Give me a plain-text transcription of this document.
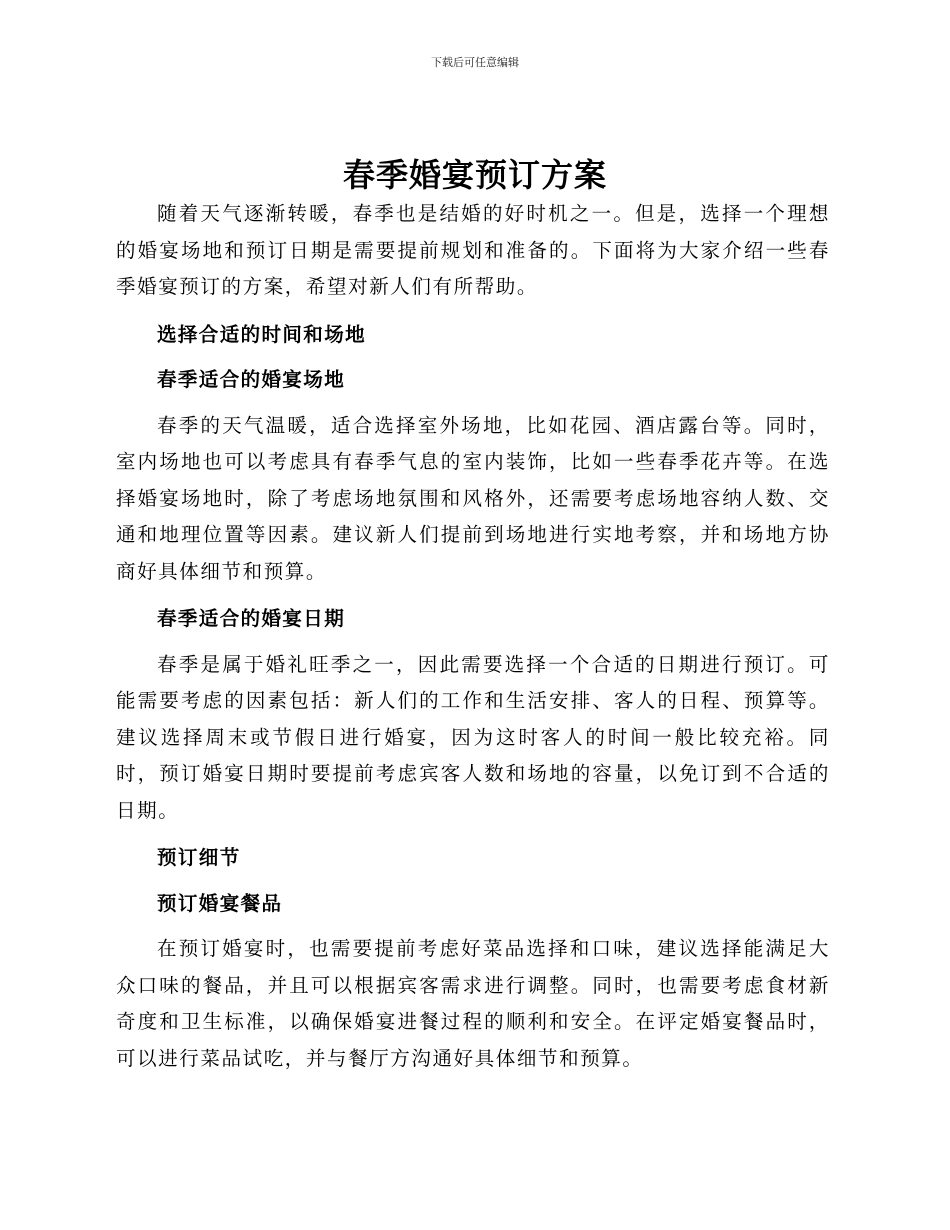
下载后可任意编辑
春季婚宴预订方案

随着天气逐渐转暖，春季也是结婚的好时机之一。但是，选择一个理想的婚宴场地和预订日期是需要提前规划和准备的。下面将为大家介绍一些春季婚宴预订的方案，希望对新人们有所帮助。

选择合适的时间和场地

春季适合的婚宴场地

春季的天气温暖，适合选择室外场地，比如花园、酒店露台等。同时，室内场地也可以考虑具有春季气息的室内装饰，比如一些春季花卉等。在选择婚宴场地时，除了考虑场地氛围和风格外，还需要考虑场地容纳人数、交通和地理位置等因素。建议新人们提前到场地进行实地考察，并和场地方协商好具体细节和预算。

春季适合的婚宴日期

春季是属于婚礼旺季之一，因此需要选择一个合适的日期进行预订。可能需要考虑的因素包括：新人们的工作和生活安排、客人的日程、预算等。建议选择周末或节假日进行婚宴，因为这时客人的时间一般比较充裕。同时，预订婚宴日期时要提前考虑宾客人数和场地的容量，以免订到不合适的日期。

预订细节

预订婚宴餐品

在预订婚宴时，也需要提前考虑好菜品选择和口味，建议选择能满足大众口味的餐品，并且可以根据宾客需求进行调整。同时，也需要考虑食材新奇度和卫生标准，以确保婚宴进餐过程的顺利和安全。在评定婚宴餐品时，可以进行菜品试吃，并与餐厅方沟通好具体细节和预算。
